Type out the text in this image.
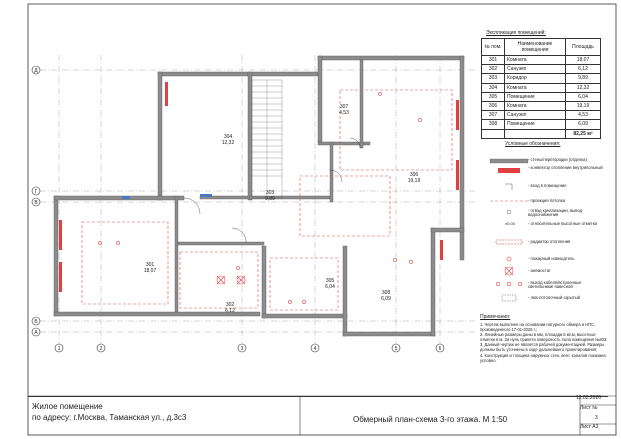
Д
Г
В
Б
А
1	2	3	4	5	6
301
18,07
302
6,12
303
9,89
304
12,32
305
6,04
306
19,19
307
4,53
308
6,09
±0.00
Экспликация помещений:
№ пом.	Наименование помещения	Площадь
301	Комната	18,07
302	Санузел	6,12
303	Коридор	9,89
304	Комната	12,32
305	Помещение	6,04
306	Комната	19,19
307	Санузел	4,53
308	Помещение	6,09
		82,25 м²
Условные обозначения:
- стены/перегородки (отделка)
- конвектор отопления внутрипольный
- вход в помещение
- проекция потолка
- отвод канализации, вывод водоснабжения
- относительные высотные отметки
- радиатор отопления
- пожарный извещатель
- анемостат
- выход кабеля/встроенные светильники/ навесной
- люк потолочный скрытый
Примечания:
1. Чертеж выполнен на основании натурного обмера и НПС, произведенного 17-01-2026 г.;
2. Линейные размеры даны в мм, площади в кв.м, высотные отметки в м. За нуль принята поверхность пола помещения №303;
3. Данный чертеж не является рабочей документацией. Размеры должны быть уточнены в ходе дальнейшего проектирования;
4. Конструкция и толщина наружных стен, вент. каналов показана условно.
Жилое помещение
по адресу: г.Москва, Таманская ул., д.3с3	Обмерный план-схема 3-го этажа. М 1:50
12.02.2026
Лист №
3
Лист А3
